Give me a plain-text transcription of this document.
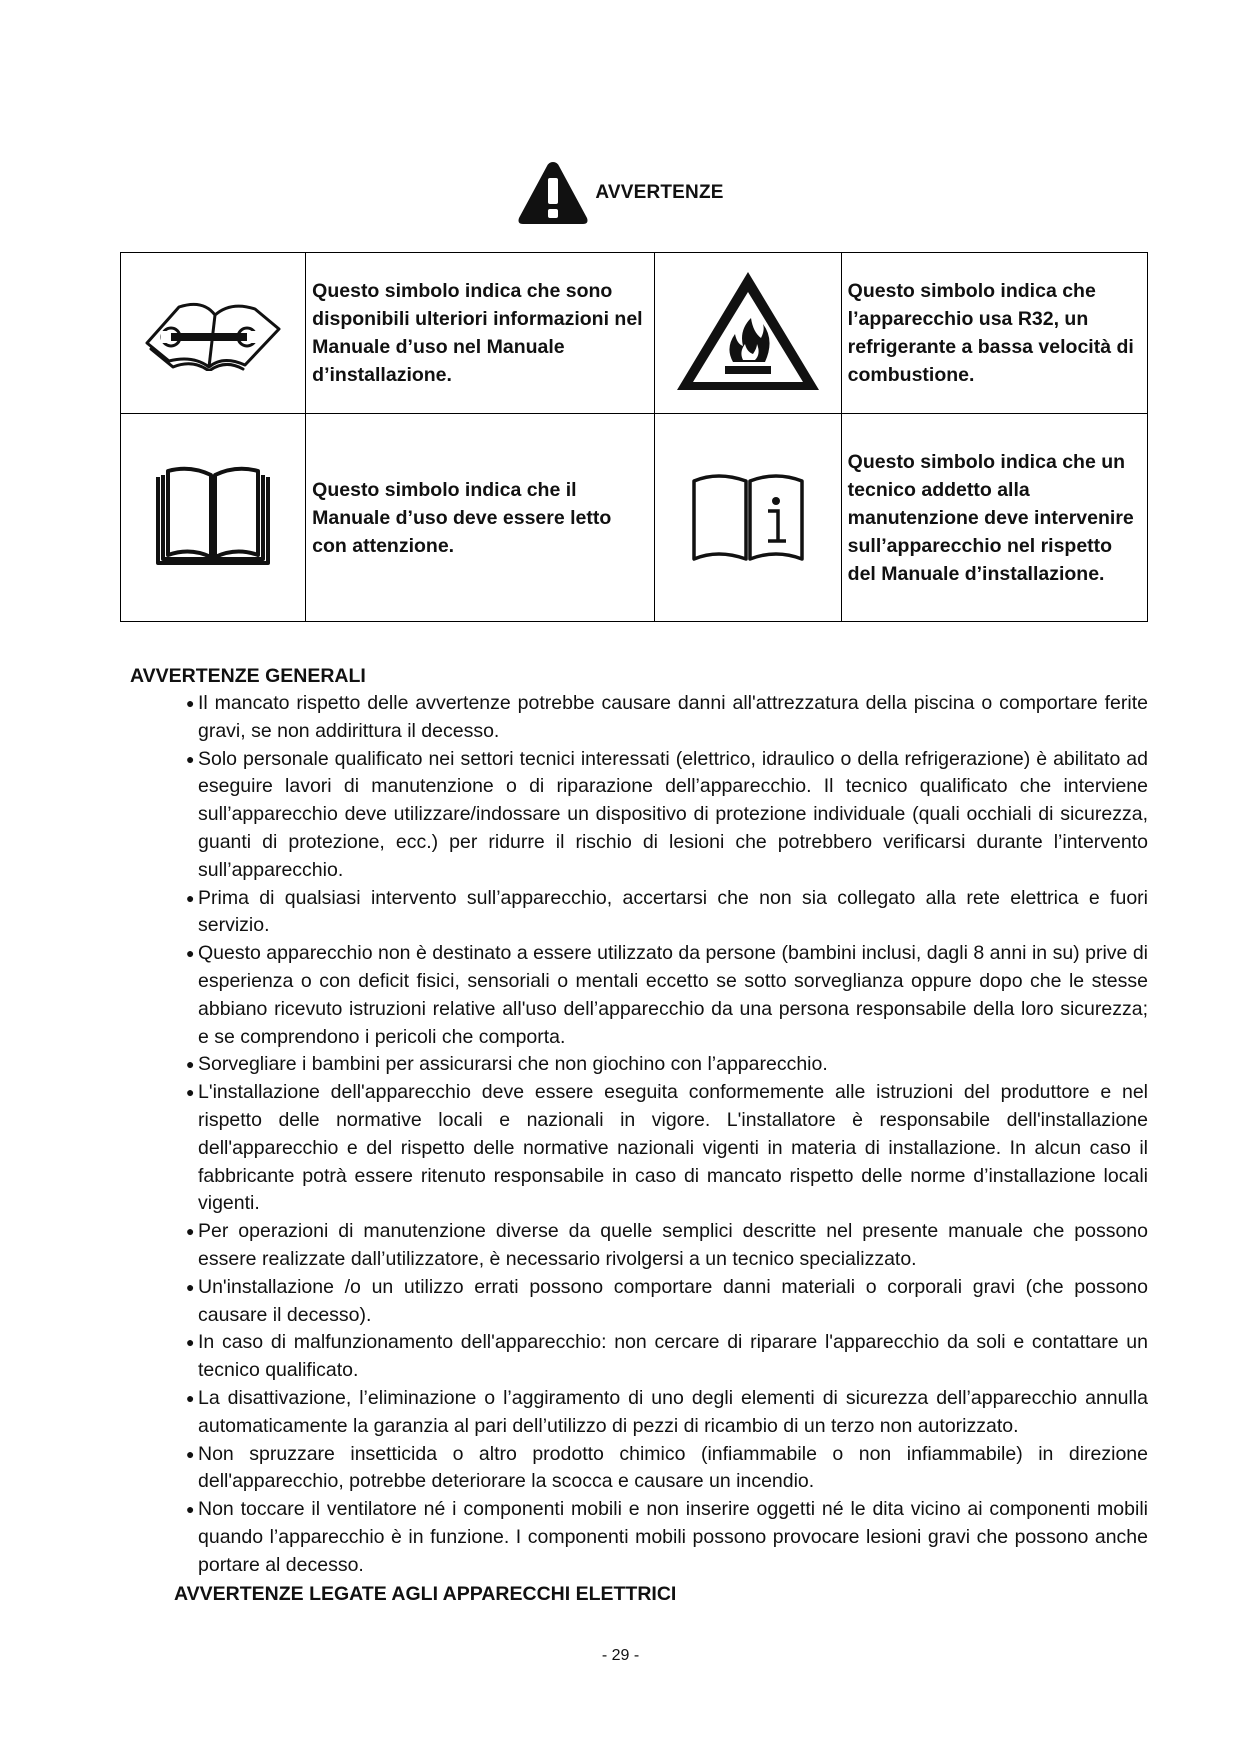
AVVERTENZE
	Questo simbolo indica che sono disponibili ulteriori informazioni nel Manuale d’uso nel Manuale d’installazione.		Questo simbolo indica che l’apparecchio usa R32, un refrigerante a bassa velocità di combustione.
	Questo simbolo indica che il Manuale d’uso deve essere letto con attenzione.		Questo simbolo indica che un tecnico addetto alla manutenzione deve intervenire sull’apparecchio nel rispetto del Manuale d’installazione.
AVVERTENZE GENERALI
● Il mancato rispetto delle avvertenze potrebbe causare danni all'attrezzatura della piscina o comportare ferite gravi, se non addirittura il decesso.
● Solo personale qualificato nei settori tecnici interessati (elettrico, idraulico o della refrigerazione) è abilitato ad eseguire lavori di manutenzione o di riparazione dell’apparecchio. Il tecnico qualificato che interviene sull’apparecchio deve utilizzare/indossare un dispositivo di protezione individuale (quali occhiali di sicurezza, guanti di protezione, ecc.) per ridurre il rischio di lesioni che potrebbero verificarsi durante l’intervento sull’apparecchio.
● Prima di qualsiasi intervento sull’apparecchio, accertarsi che non sia collegato alla rete elettrica e fuori servizio.
● Questo apparecchio non è destinato a essere utilizzato da persone (bambini inclusi, dagli 8 anni in su) prive di esperienza o con deficit fisici, sensoriali o mentali eccetto se sotto sorveglianza oppure dopo che le stesse abbiano ricevuto istruzioni relative all'uso dell’apparecchio da una persona responsabile della loro sicurezza; e se comprendono i pericoli che comporta.
● Sorvegliare i bambini per assicurarsi che non giochino con l’apparecchio.
● L'installazione dell'apparecchio deve essere eseguita conformemente alle istruzioni del produttore e nel rispetto delle normative locali e nazionali in vigore. L'installatore è responsabile dell'installazione dell'apparecchio e del rispetto delle normative nazionali vigenti in materia di installazione. In alcun caso il fabbricante potrà essere ritenuto responsabile in caso di mancato rispetto delle norme d’installazione locali vigenti.
● Per operazioni di manutenzione diverse da quelle semplici descritte nel presente manuale che possono essere realizzate dall’utilizzatore, è necessario rivolgersi a un tecnico specializzato.
● Un'installazione /o un utilizzo errati possono comportare danni materiali o corporali gravi (che possono causare il decesso).
● In caso di malfunzionamento dell'apparecchio: non cercare di riparare l'apparecchio da soli e contattare un tecnico qualificato.
● La disattivazione, l’eliminazione o l’aggiramento di uno degli elementi di sicurezza dell’apparecchio annulla automaticamente la garanzia al pari dell’utilizzo di pezzi di ricambio di un terzo non autorizzato.
● Non spruzzare insetticida o altro prodotto chimico (infiammabile o non infiammabile) in direzione dell'apparecchio, potrebbe deteriorare la scocca e causare un incendio.
● Non toccare il ventilatore né i componenti mobili e non inserire oggetti né le dita vicino ai componenti mobili quando l’apparecchio è in funzione. I componenti mobili possono provocare lesioni gravi che possono anche portare al decesso.
AVVERTENZE LEGATE AGLI APPARECCHI ELETTRICI
- 29 -
